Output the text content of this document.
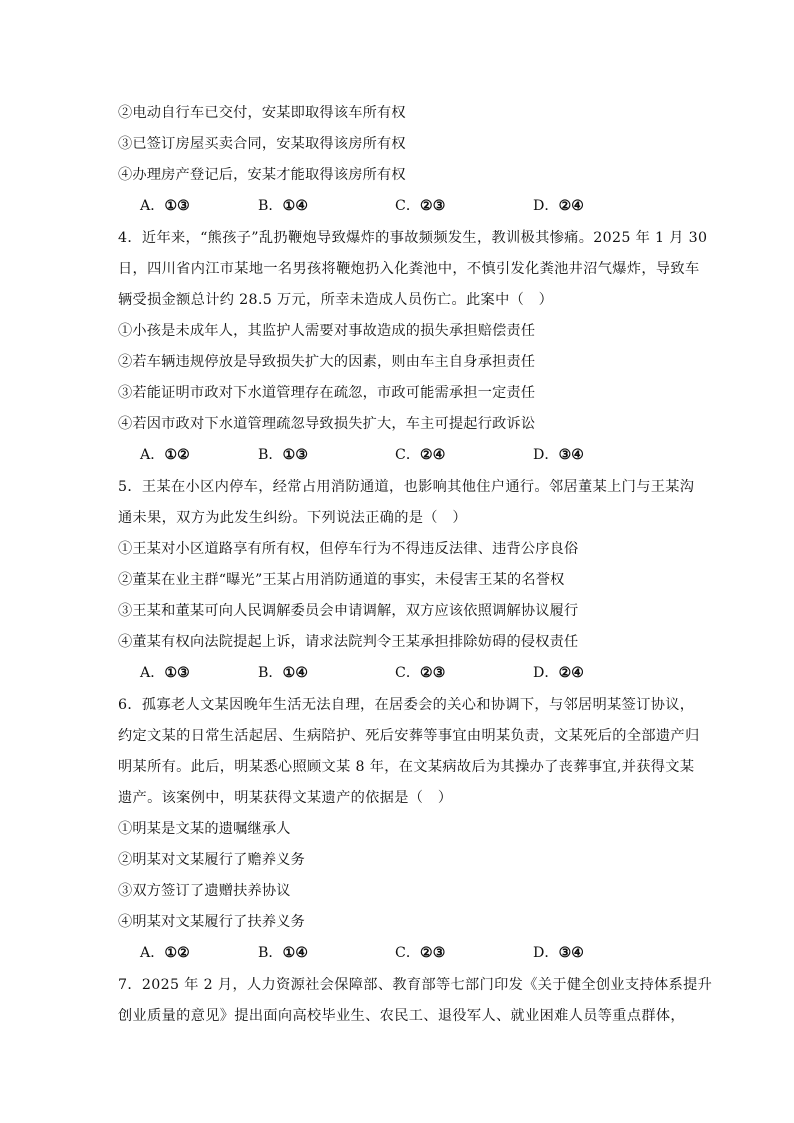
②电动自行车已交付，安某即取得该车所有权
③已签订房屋买卖合同，安某取得该房所有权
④办理房产登记后，安某才能取得该房所有权
A．①③	B．①④	C．②③	D．②④
4．近年来，“熊孩子”乱扔鞭炮导致爆炸的事故频频发生，教训极其惨痛。2025 年 1 月 30
日，四川省内江市某地一名男孩将鞭炮扔入化粪池中，不慎引发化粪池井沼气爆炸，导致车
辆受损金额总计约 28.5 万元，所幸未造成人员伤亡。此案中（　）
①小孩是未成年人，其监护人需要对事故造成的损失承担赔偿责任
②若车辆违规停放是导致损失扩大的因素，则由车主自身承担责任
③若能证明市政对下水道管理存在疏忽，市政可能需承担一定责任
④若因市政对下水道管理疏忽导致损失扩大，车主可提起行政诉讼
A．①②	B．①③	C．②④	D．③④
5．王某在小区内停车，经常占用消防通道，也影响其他住户通行。邻居董某上门与王某沟
通未果，双方为此发生纠纷。下列说法正确的是（　）
①王某对小区道路享有所有权，但停车行为不得违反法律、违背公序良俗
②董某在业主群“曝光”王某占用消防通道的事实，未侵害王某的名誉权
③王某和董某可向人民调解委员会申请调解，双方应该依照调解协议履行
④董某有权向法院提起上诉，请求法院判令王某承担排除妨碍的侵权责任
A．①③	B．①④	C．②③	D．②④
6．孤寡老人文某因晚年生活无法自理，在居委会的关心和协调下，与邻居明某签订协议，
约定文某的日常生活起居、生病陪护、死后安葬等事宜由明某负责，文某死后的全部遗产归
明某所有。此后，明某悉心照顾文某 8 年，在文某病故后为其操办了丧葬事宜,并获得文某
遗产。该案例中，明某获得文某遗产的依据是（　）
①明某是文某的遗嘱继承人
②明某对文某履行了赡养义务
③双方签订了遗赠扶养协议
④明某对文某履行了扶养义务
A．①②	B．①④	C．②③	D．③④
7．2025 年 2 月，人力资源社会保障部、教育部等七部门印发《关于健全创业支持体系提升
创业质量的意见》提出面向高校毕业生、农民工、退役军人、就业困难人员等重点群体，
